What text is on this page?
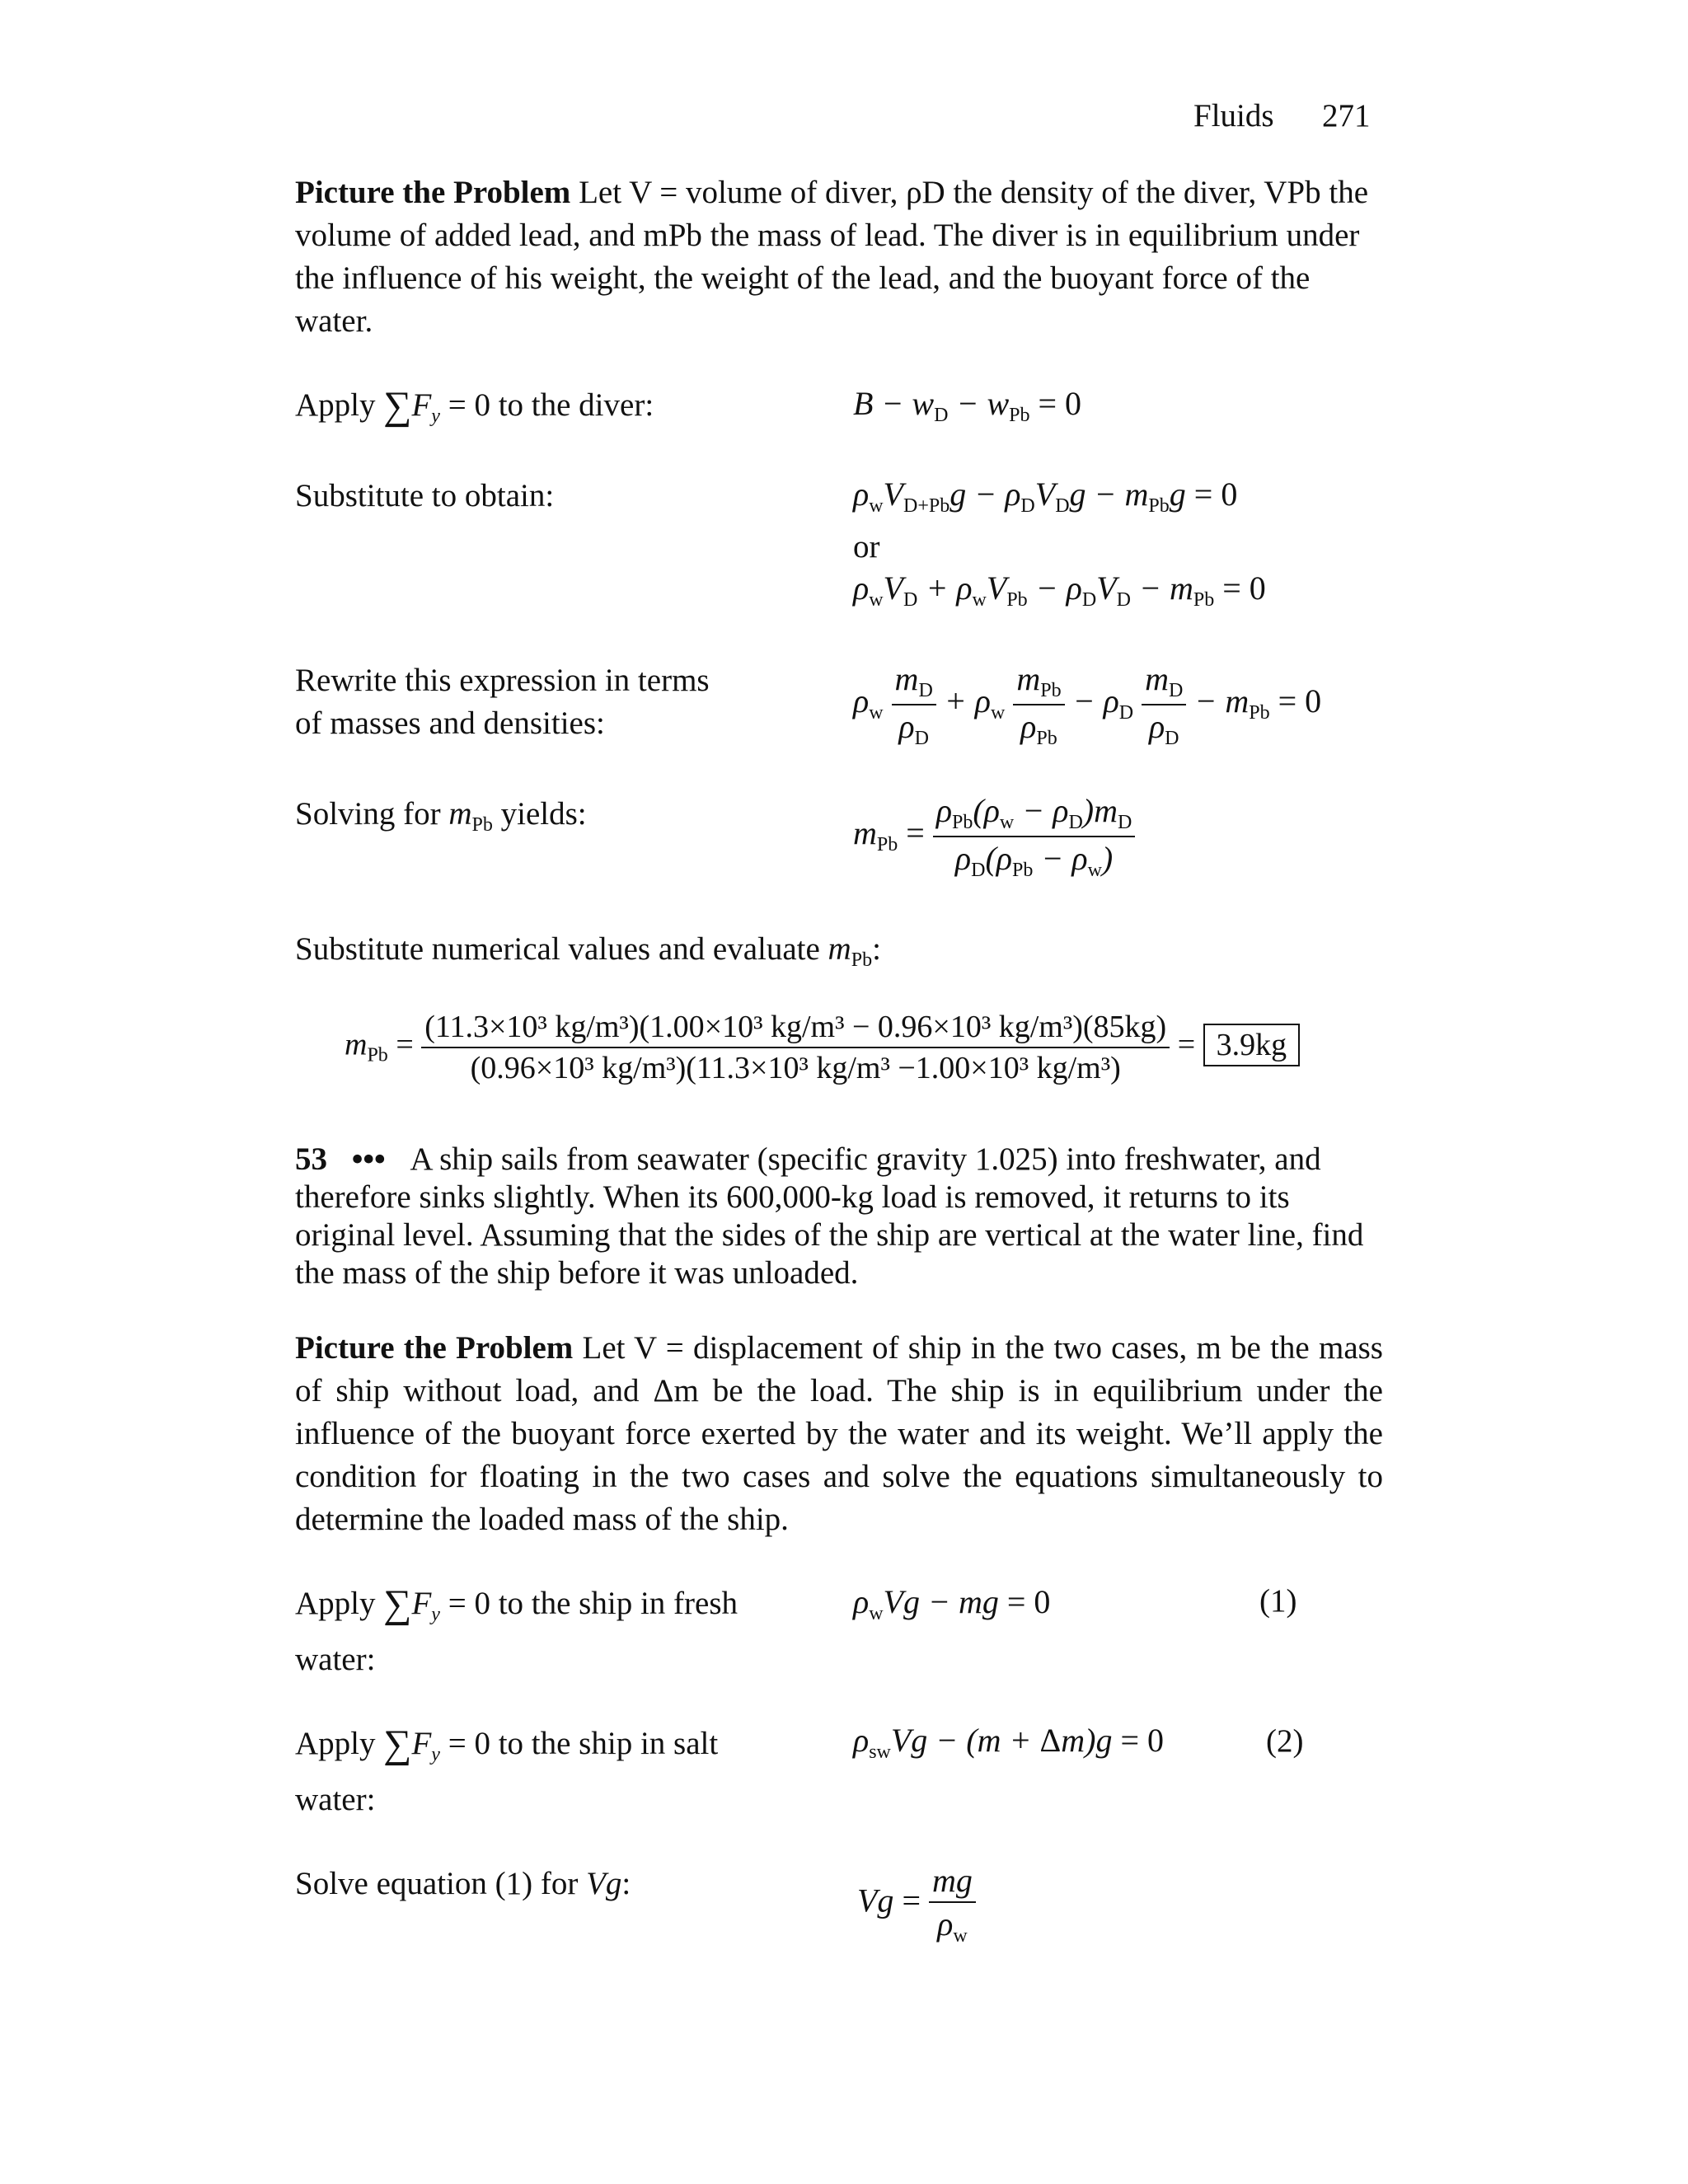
Fluids 271
Picture the Problem Let V = volume of diver, ρD the density of the diver, VPb the volume of added lead, and mPb the mass of lead. The diver is in equilibrium under the influence of his weight, the weight of the lead, and the buoyant force of the water.
Apply $\sum F_y = 0$ to the diver:	$B - w_D - w_{Pb} = 0$
Substitute to obtain:	$\rho_wV_{D+Pb}g - \rho_DV_Dg - m_{Pb}g = 0$
or
$\rho_wV_D + \rho_wV_{Pb} - \rho_DV_D - m_{Pb} = 0$
Rewrite this expression in terms
of masses and densities:
$\rho_w \frac{m_D}{\rho_D} + \rho_w \frac{m_{Pb}}{\rho_{Pb}} - \rho_D \frac{m_D}{\rho_D} - m_{Pb} = 0$
Solving for $m_{Pb}$ yields:
$m_{Pb} = \frac{\rho_{Pb}(\rho_w - \rho_D)m_D}{\rho_D(\rho_{Pb} - \rho_w)}$
Substitute numerical values and evaluate $m_{Pb}$:
$m_{Pb} = \frac{\text{(11.3×10³ kg/m³)(1.00×10³ kg/m³ − 0.96×10³ kg/m³)(85kg)}}{\text{(0.96×10³ kg/m³)(11.3×10³ kg/m³ −1.00×10³ kg/m³)}} = 3.9kg$
53 ••• A ship sails from seawater (specific gravity 1.025) into freshwater, and therefore sinks slightly. When its 600,000-kg load is removed, it returns to its original level. Assuming that the sides of the ship are vertical at the water line, find the mass of the ship before it was unloaded.
Picture the Problem Let V = displacement of ship in the two cases, m be the mass of ship without load, and Δm be the load. The ship is in equilibrium under the influence of the buoyant force exerted by the water and its weight. We’ll apply the condition for floating in the two cases and solve the equations simultaneously to determine the loaded mass of the ship.
Apply $\sum F_y = 0$ to the ship in fresh
water:
$\rho_wVg$ − mg = 0	(1)
Apply $\sum F_y = 0$ to the ship in salt
water:
$\rho_{sw}Vg - (m + \Delta m)g = 0$	(2)
Solve equation (1) for Vg:	$Vg = \frac{mg}{\rho_w}$
